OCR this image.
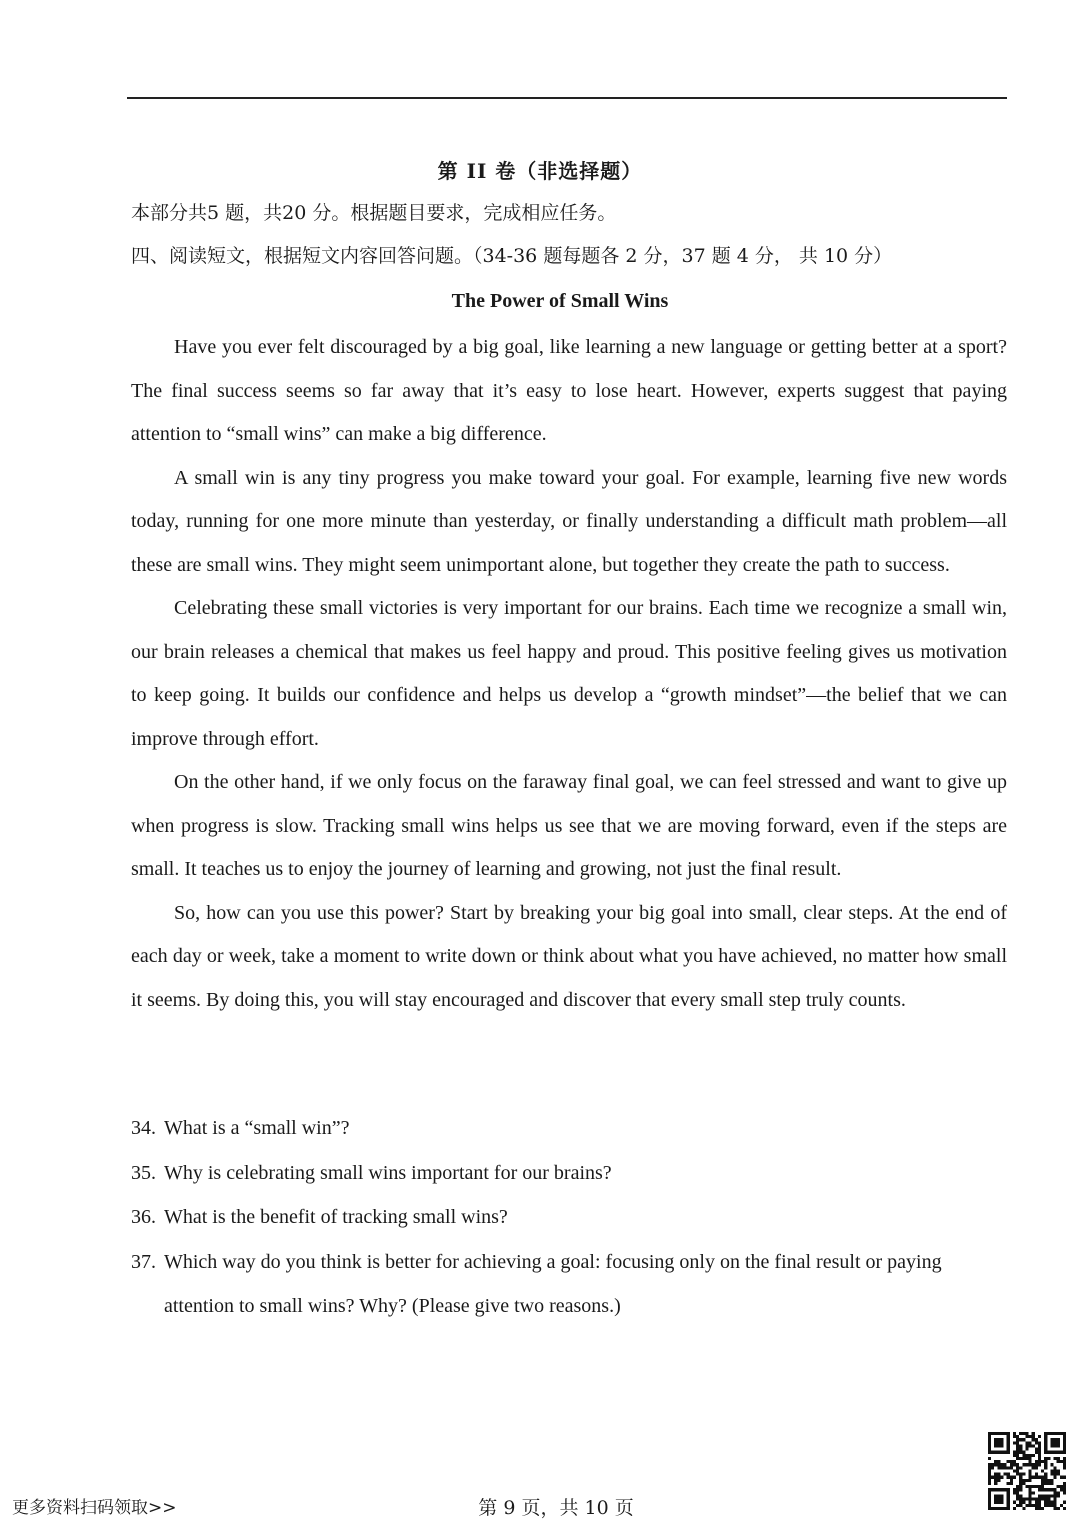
第 II 卷（非选择题）
本部分共5 题，共20 分。根据题目要求，完成相应任务。
四、阅读短文，根据短文内容回答问题。（34-36 题每题各 2 分，37 题 4 分， 共 10 分）
The Power of Small Wins

Have you ever felt discouraged by a big goal, like learning a new language or getting better at a sport? The final success seems so far away that it’s easy to lose heart. However, experts suggest that paying attention to “small wins” can make a big difference.

A small win is any tiny progress you make toward your goal. For example, learning five new words today, running for one more minute than yesterday, or finally understanding a difficult math problem—all these are small wins. They might seem unimportant alone, but together they create the path to success.

Celebrating these small victories is very important for our brains. Each time we recognize a small win, our brain releases a chemical that makes us feel happy and proud. This positive feeling gives us motivation to keep going. It builds our confidence and helps us develop a “growth mindset”—the belief that we can improve through effort.

On the other hand, if we only focus on the faraway final goal, we can feel stressed and want to give up when progress is slow. Tracking small wins helps us see that we are moving forward, even if the steps are small. It teaches us to enjoy the journey of learning and growing, not just the final result.

So, how can you use this power? Start by breaking your big goal into small, clear steps. At the end of each day or week, take a moment to write down or think about what you have achieved, no matter how small it seems. By doing this, you will stay encouraged and discover that every small step truly counts.

34. What is a “small win”?
35. Why is celebrating small wins important for our brains?
36. What is the benefit of tracking small wins?
37. Which way do you think is better for achieving a goal: focusing only on the final result or paying attention to small wins? Why? (Please give two reasons.)
更多资料扫码领取>>	第 9 页，共 10 页
